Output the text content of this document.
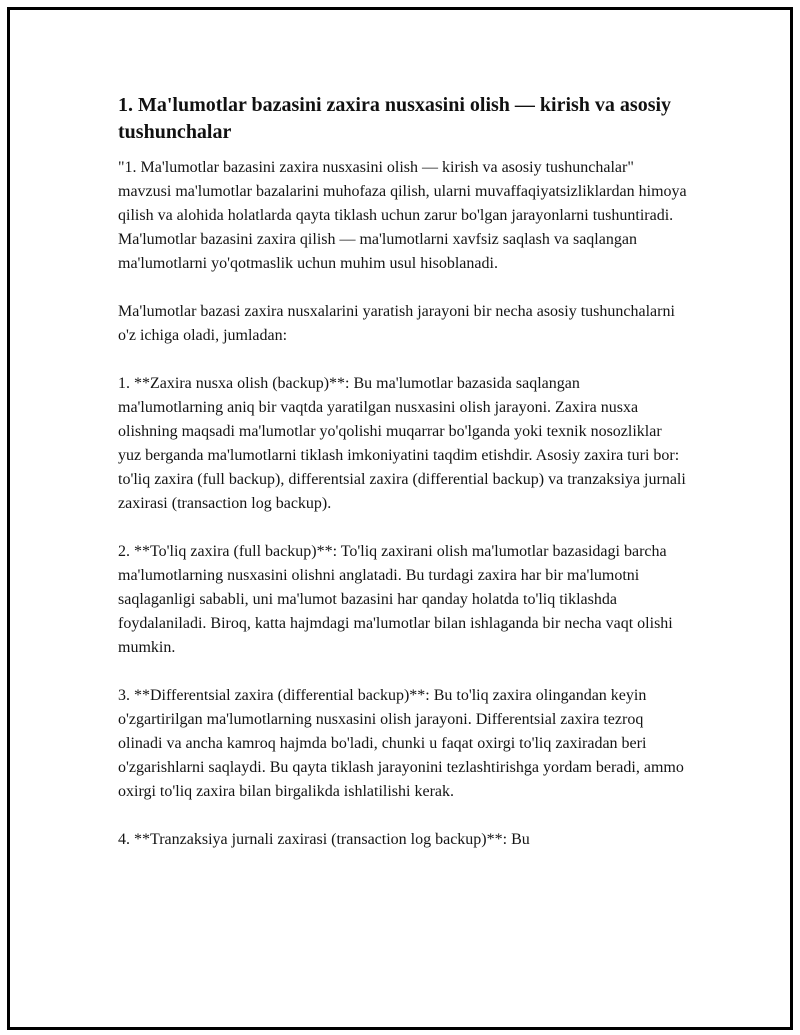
1. Ma'lumotlar bazasini zaxira nusxasini olish — kirish va asosiy tushunchalar

"1. Ma'lumotlar bazasini zaxira nusxasini olish — kirish va asosiy tushunchalar" mavzusi ma'lumotlar bazalarini muhofaza qilish, ularni muvaffaqiyatsizliklardan himoya qilish va alohida holatlarda qayta tiklash uchun zarur bo'lgan jarayonlarni tushuntiradi. Ma'lumotlar bazasini zaxira qilish — ma'lumotlarni xavfsiz saqlash va saqlangan ma'lumotlarni yo'qotmaslik uchun muhim usul hisoblanadi.

Ma'lumotlar bazasi zaxira nusxalarini yaratish jarayoni bir necha asosiy tushunchalarni o'z ichiga oladi, jumladan:

1. **Zaxira nusxa olish (backup)**: Bu ma'lumotlar bazasida saqlangan ma'lumotlarning aniq bir vaqtda yaratilgan nusxasini olish jarayoni. Zaxira nusxa olishning maqsadi ma'lumotlar yo'qolishi muqarrar bo'lganda yoki texnik nosozliklar yuz berganda ma'lumotlarni tiklash imkoniyatini taqdim etishdir. Asosiy zaxira turi bor: to'liq zaxira (full backup), differentsial zaxira (differential backup) va tranzaksiya jurnali zaxirasi (transaction log backup).

2. **To'liq zaxira (full backup)**: To'liq zaxirani olish ma'lumotlar bazasidagi barcha ma'lumotlarning nusxasini olishni anglatadi. Bu turdagi zaxira har bir ma'lumotni saqlaganligi sababli, uni ma'lumot bazasini har qanday holatda to'liq tiklashda foydalaniladi. Biroq, katta hajmdagi ma'lumotlar bilan ishlaganda bir necha vaqt olishi mumkin.

3. **Differentsial zaxira (differential backup)**: Bu to'liq zaxira olingandan keyin o'zgartirilgan ma'lumotlarning nusxasini olish jarayoni. Differentsial zaxira tezroq olinadi va ancha kamroq hajmda bo'ladi, chunki u faqat oxirgi to'liq zaxiradan beri o'zgarishlarni saqlaydi. Bu qayta tiklash jarayonini tezlashtirishga yordam beradi, ammo oxirgi to'liq zaxira bilan birgalikda ishlatilishi kerak.

4. **Tranzaksiya jurnali zaxirasi (transaction log backup)**: Bu
